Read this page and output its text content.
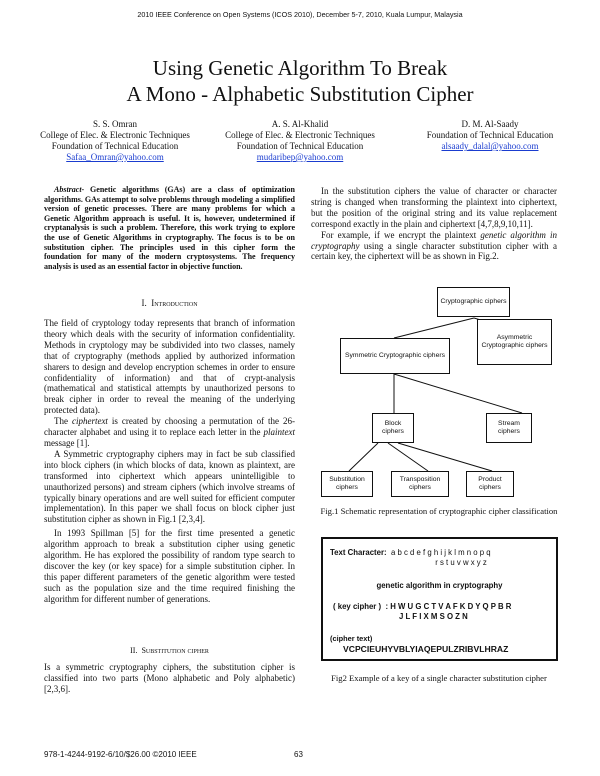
2010 IEEE Conference on Open Systems (ICOS 2010), December 5-7, 2010, Kuala Lumpur, Malaysia
Using Genetic Algorithm To Break
A Mono - Alphabetic Substitution Cipher
S. S. Omran
College of Elec. & Electronic Techniques
Foundation of Technical Education
Safaa_Omran@yahoo.com
A. S. Al-Khalid
College of Elec. & Electronic Techniques
Foundation of Technical Education
mudaribep@yahoo.com
D. M. Al-Saady
Foundation of Technical Education
alsaady_dalal@yahoo.com
Abstract- Genetic algorithms (GAs) are a class of optimization algorithms. GAs attempt to solve problems through modeling a simplified version of genetic processes. There are many problems for which a Genetic Algorithm approach is useful. It is, however, undetermined if cryptanalysis is such a problem. Therefore, this work trying to explore the use of Genetic Algorithms in cryptography. The focus is to be on substitution cipher. The principles used in this cipher form the foundation for many of the modern cryptosystems. The frequency analysis is used as an essential factor in objective function.
I. Introduction

The field of cryptology today represents that branch of information theory which deals with the security of information confidentiality. Methods in cryptology may be subdivided into two classes, namely that of cryptography (methods applied by authorized information sharers to design and develop encryption schemes in order to ensure confidentiality of information) and that of crypt-analysis (mathematical and statistical attempts by unauthorized persons to break cipher in order to reveal the meaning of the underlying protected data).

The ciphertext is created by choosing a permutation of the 26-character alphabet and using it to replace each letter in the plaintext message [1].

A Symmetric cryptography ciphers may in fact be sub classified into block ciphers (in which blocks of data, known as plaintext, are transformed into ciphertext which appears unintelligible to unauthorized persons) and stream ciphers (which involve streams of typically binary operations and are well suited for efficient computer implementation). In this paper we shall focus on block cipher just substitution cipher as shown in Fig.1 [2,3,4].

In 1993 Spillman [5] for the first time presented a genetic algorithm approach to break a substitution cipher using genetic algorithm. He has explored the possibility of random type search to discover the key (or key space) for a simple substitution cipher. In this paper different parameters of the genetic algorithm were tested such as the population size and the time required finishing the algorithm for different number of generations.

II. Substitution cipher

Is a symmetric cryptography ciphers, the substitution cipher is classified into two parts (Mono alphabetic and Poly alphabetic) [2,3,6].

In the substitution ciphers the value of character or character string is changed when transforming the plaintext into ciphertext, but the position of the original string and its value replacement correspond exactly in the plain and ciphertext [4,7,8,9,10,11].

For example, if we encrypt the plaintext genetic algorithm in cryptography using a single character substitution cipher with a certain key, the ciphertext will be as shown in Fig.2.

Cryptographic ciphers
Symmetric Cryptographic ciphers
Asymmetric Cryptographic ciphers
Block ciphers
Stream ciphers
Substitution ciphers
Transposition ciphers
Product ciphers
Fig.1 Schematic representation of cryptographic cipher classification
Text Character: a b c d e f g h i j k l m n o p q
r s t u v w x y z
genetic algorithm in cryptography
( key cipher ) : H W U G C T V A F K D Y Q P B R
J L F I X M S O Z N
(cipher text)
VCPCIEUHYVBLYIAQEPULZRIBVLHRAZ
Fig2 Example of a key of a single character substitution cipher
978-1-4244-9192-6/10/$26.00 ©2010 IEEE	63
